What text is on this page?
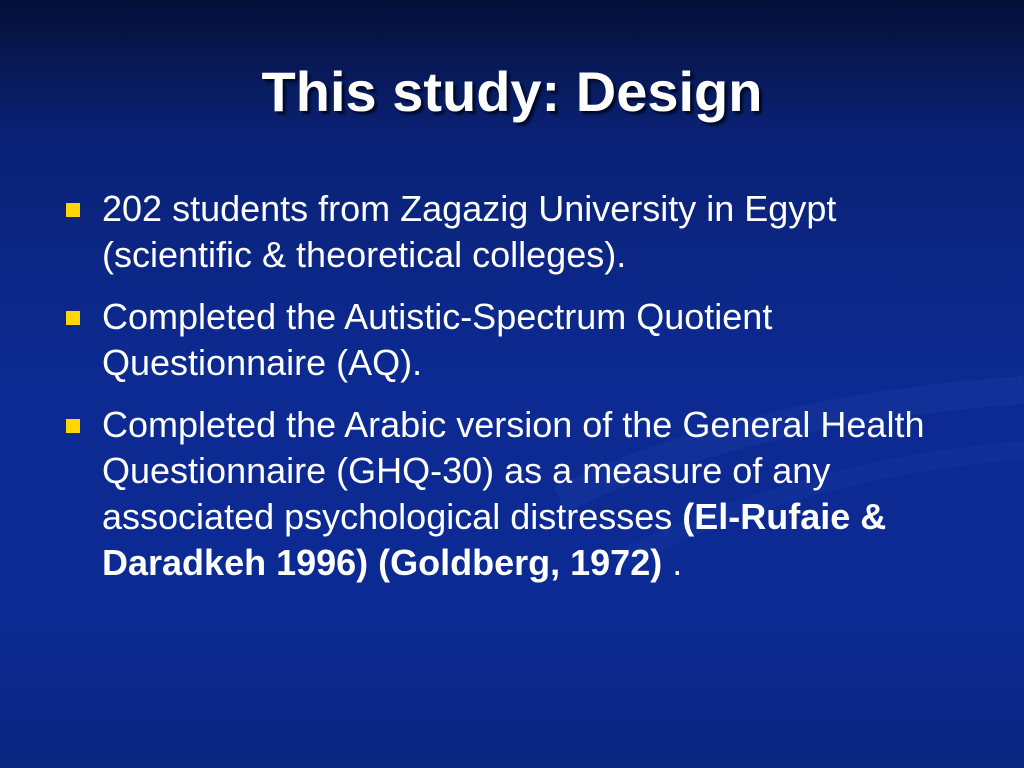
This study: Design
202 students from Zagazig University in Egypt (scientific & theoretical colleges).
Completed the Autistic-Spectrum Quotient Questionnaire (AQ).
Completed the Arabic version of the General Health Questionnaire (GHQ-30) as a measure of any associated psychological distresses (El-Rufaie & Daradkeh 1996) (Goldberg, 1972) .
